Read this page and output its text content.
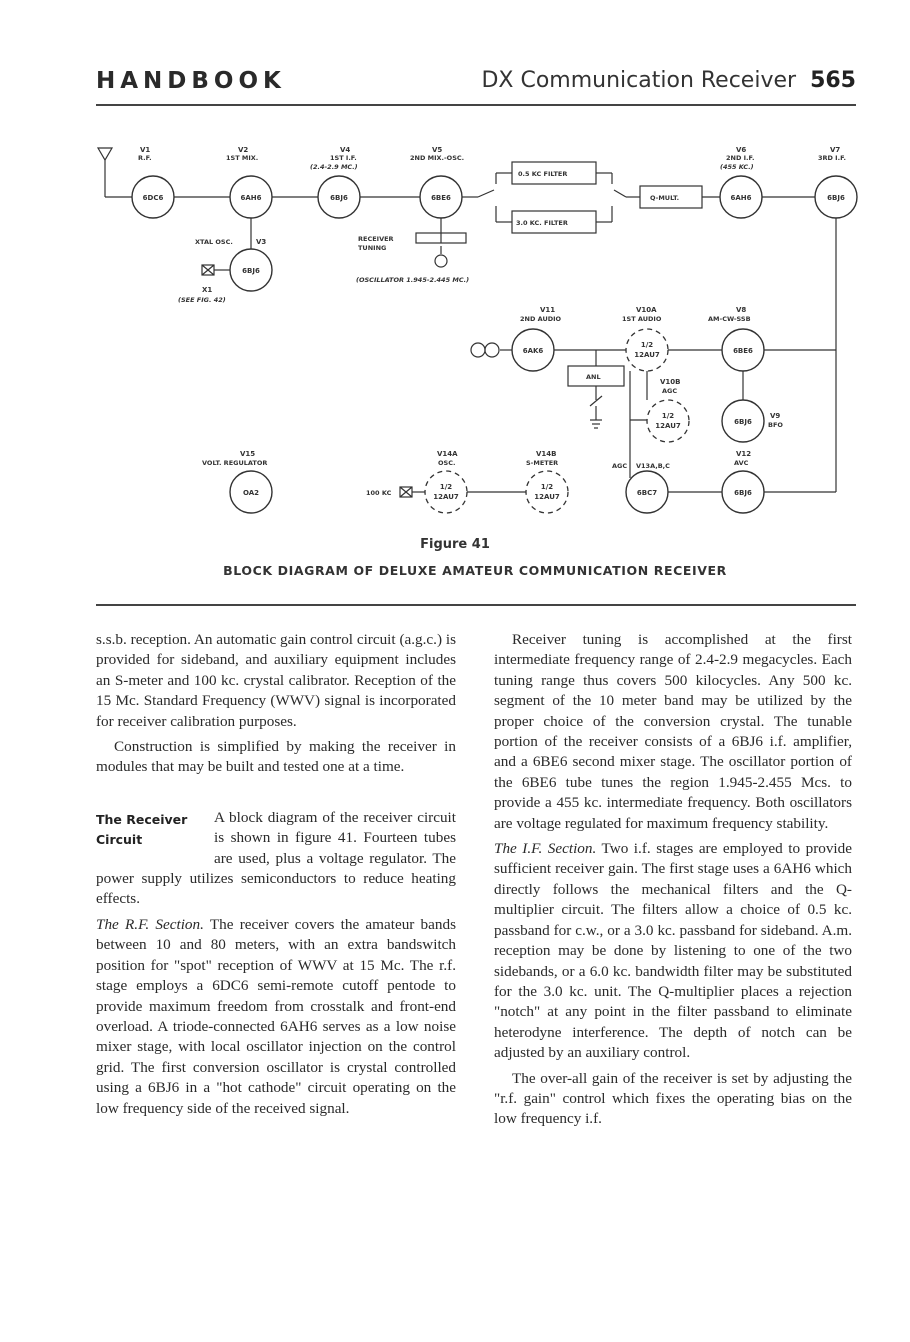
HANDBOOK	DX Communication Receiver 565
6DC6	6AH6	6BJ6	6BE6	6AH6	6BJ6
6BJ6
6AK6
1/2
12AU7	6BE6
1/2
12AU7	6BJ6
OA2
1/2
12AU7
1/2
12AU7	6BC7	6BJ6
V1
R.F.
V2
1ST MIX.
V4
1ST I.F.
(2.4-2.9 MC.)
V5
2ND MIX.-OSC.
V6
2ND I.F.
(455 KC.)
V7
3RD I.F.
0.5 KC FILTER
3.0 KC. FILTER
Q-MULT.
XTAL OSC.	V3
X1
(SEE FIG. 42)
RECEIVER
TUNING
(OSCILLATOR 1.945-2.445 MC.)
V11
2ND AUDIO
V10A
1ST AUDIO
V8
AM-CW-SSB
ANL
V10B
AGC
V9
BFO
V15
VOLT. REGULATOR
V14A
OSC.
V14B
S-METER	AGC V13A,B,C
V12
AVC
100 KC
Figure 41
BLOCK DIAGRAM OF DELUXE AMATEUR COMMUNICATION RECEIVER

s.s.b. reception. An automatic gain control circuit (a.g.c.) is provided for sideband, and auxiliary equipment includes an S-meter and 100 kc. crystal calibrator. Reception of the 15 Mc. Standard Frequency (WWV) signal is incorporated for receiver calibration purposes.

Construction is simplified by making the receiver in modules that may be built and tested one at a time.

The Receiver Circuit

A block diagram of the receiver circuit is shown in figure 41. Fourteen tubes are used, plus a voltage regulator. The power supply utilizes semiconductors to reduce heating effects.

The R.F. Section. The receiver covers the amateur bands between 10 and 80 meters, with an extra bandswitch position for "spot" reception of WWV at 15 Mc. The r.f. stage employs a 6DC6 semi-remote cutoff pentode to provide maximum freedom from crosstalk and front-end overload. A triode-connected 6AH6 serves as a low noise mixer stage, with local oscillator injection on the control grid. The first conversion oscillator is crystal controlled using a 6BJ6 in a "hot cathode" circuit operating on the low frequency side of the received signal.

Receiver tuning is accomplished at the first intermediate frequency range of 2.4-2.9 megacycles. Each tuning range thus covers 500 kilocycles. Any 500 kc. segment of the 10 meter band may be utilized by the proper choice of the conversion crystal. The tunable portion of the receiver consists of a 6BJ6 i.f. amplifier, and a 6BE6 second mixer stage. The oscillator portion of the 6BE6 tube tunes the region 1.945-2.455 Mcs. to provide a 455 kc. intermediate frequency. Both oscillators are voltage regulated for maximum frequency stability.

The I.F. Section. Two i.f. stages are employed to provide sufficient receiver gain. The first stage uses a 6AH6 which directly follows the mechanical filters and the Q-multiplier circuit. The filters allow a choice of 0.5 kc. passband for c.w., or a 3.0 kc. passband for sideband. A.m. reception may be done by listening to one of the two sidebands, or a 6.0 kc. bandwidth filter may be substituted for the 3.0 kc. unit. The Q-multiplier places a rejection "notch" at any point in the filter passband to eliminate heterodyne interference. The depth of notch can be adjusted by an auxiliary control.

The over-all gain of the receiver is set by adjusting the "r.f. gain" control which fixes the operating bias on the low frequency i.f.
